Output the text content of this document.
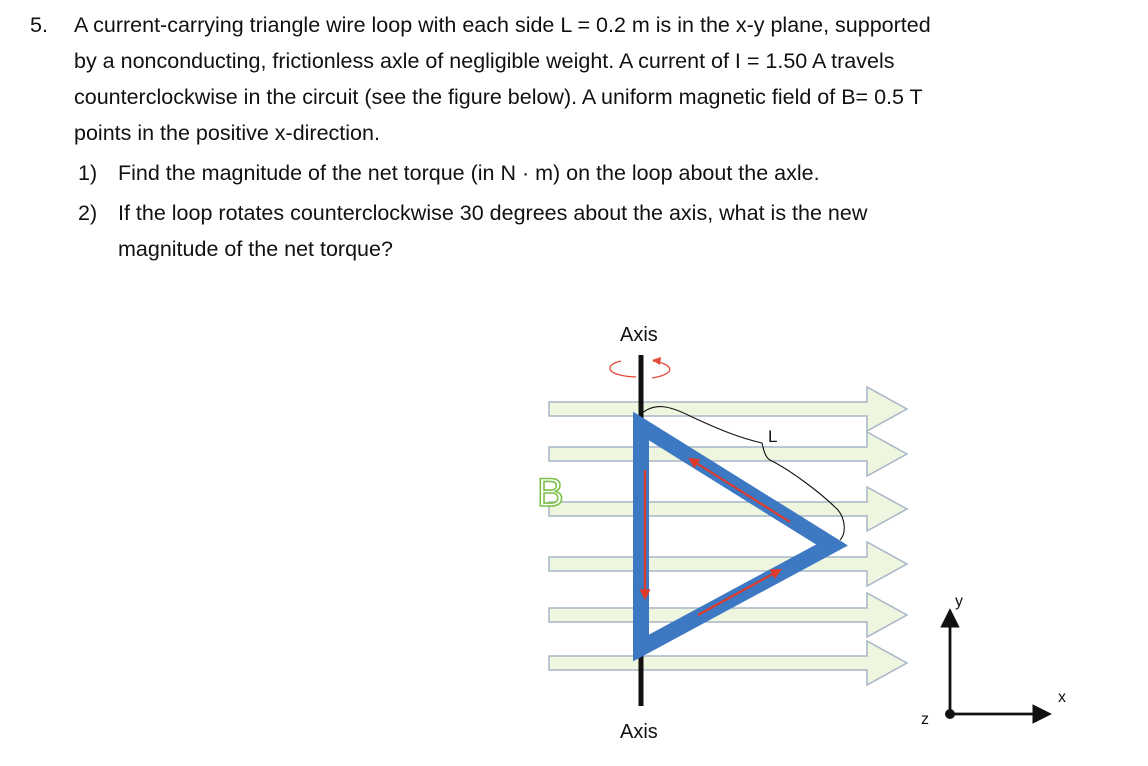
5. A current-carrying triangle wire loop with each side L = 0.2 m is in the x-y plane, supported
by a nonconducting, frictionless axle of negligible weight. A current of I = 1.50 A travels
counterclockwise in the circuit (see the figure below). A uniform magnetic field of B= 0.5 T
points in the positive x-direction.
1) Find the magnitude of the net torque (in N · m) on the loop about the axle.
2) If the loop rotates counterclockwise 30 degrees about the axis, what is the new
magnitude of the net torque?
B
L
Axis
Axis
y
x
z
